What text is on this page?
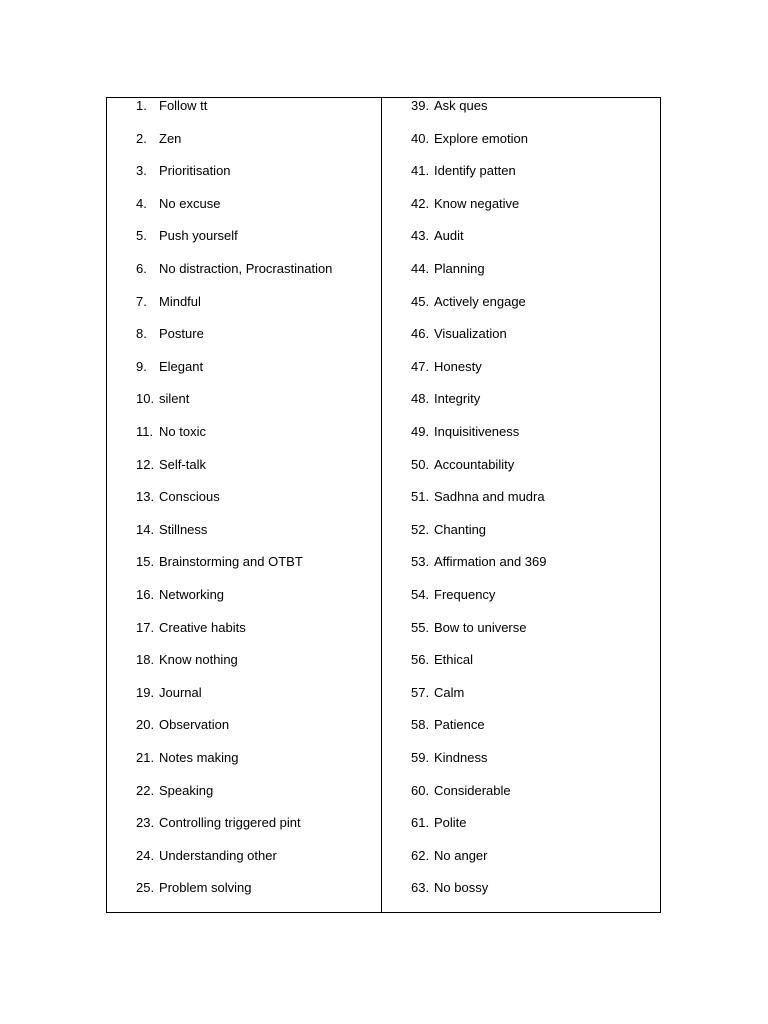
1. Follow tt
2. Zen
3. Prioritisation
4. No excuse
5. Push yourself
6. No distraction, Procrastination
7. Mindful
8. Posture
9. Elegant
10. silent
11. No toxic
12. Self-talk
13. Conscious
14. Stillness
15. Brainstorming and OTBT
16. Networking
17. Creative habits
18. Know nothing
19. Journal
20. Observation
21. Notes making
22. Speaking
23. Controlling triggered pint
24. Understanding other
25. Problem solving
39. Ask ques
40. Explore emotion
41. Identify patten
42. Know negative
43. Audit
44. Planning
45. Actively engage
46. Visualization
47. Honesty
48. Integrity
49. Inquisitiveness
50. Accountability
51. Sadhna and mudra
52. Chanting
53. Affirmation and 369
54. Frequency
55. Bow to universe
56. Ethical
57. Calm
58. Patience
59. Kindness
60. Considerable
61. Polite
62. No anger
63. No bossy
